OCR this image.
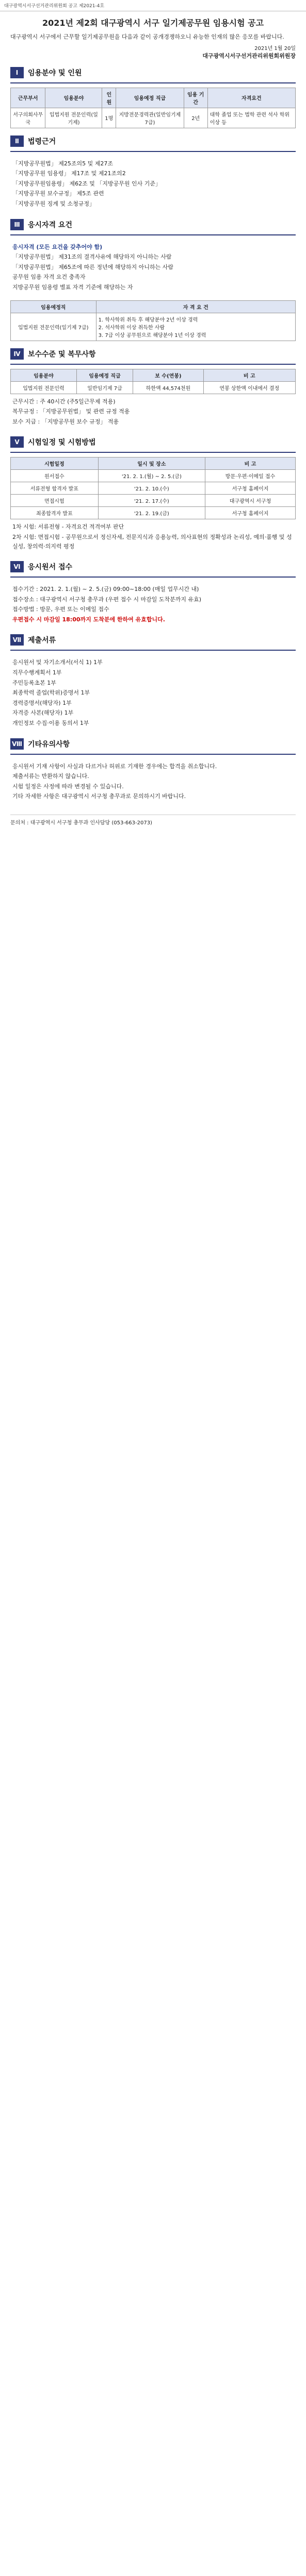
대구광역시서구선거관리위원회 공고 제2021-4호
2021년 제2회 대구광역시 서구 일기제공무원 임용시험 공고
대구광역시 서구에서 근무할 일기제공무원을 다음과 같이 공개경쟁하오니 유능한 인재의 많은 응모를 바랍니다.
2021년 1월 20일
대구광역시서구선거관리위원회위원장
Ⅰ	임용분야 및 인원
근무부서	임용분야	인원	임용예정 직급	임용 기간	자격요건
서구의회사무국	입법지원 전문인력(일기제)	1명	지방전문경력관(일반임기제 7급)	2년	대학 졸업 또는 법학 관련 석사 학위 이상 등
Ⅱ	법령근거

「지방공무원법」 제25조의5 및 제27조

「지방공무원 임용령」 제17조 및 제21조의2

「지방공무원임용령」 제62조 및 「지방공무원 인사 기준」

「지방공무원 보수규정」 제5조 관련

「지방공무원 징계 및 소청규정」

Ⅲ	응시자격 요건

응시자격 (모든 요건을 갖추어야 함)

「지방공무원법」 제31조의 결격사유에 해당하지 아니하는 사람

「지방공무원법」 제65조에 따른 정년에 해당하지 아니하는 사람

공무원 임용 자격 요건 충족자

지방공무원 임용령 별표 자격 기준에 해당하는 자

임용예정직	자 격 요 건
입법지원 전문인력(일기제 7급)	1. 학사학위 취득 후 해당분야 2년 이상 경력
2. 석사학위 이상 취득한 사람
3. 7급 이상 공무원으로 해당분야 1년 이상 경력
Ⅳ	보수수준 및 복무사항
임용분야	임용예정 직급	보 수(연봉)	비 고
입법지원 전문인력	일반임기제 7급	하한액 44,574천원	연봉 상한액 이내에서 결정

근무시간 : 주 40시간 (주5일근무제 적용)

복무규정 : 「지방공무원법」 및 관련 규정 적용

보수 지급 : 「지방공무원 보수 규정」 적용

Ⅴ	시험일정 및 시험방법
시험일정	일시 및 장소	비 고
원서접수	'21. 2. 1.(월) ~ 2. 5.(금)	방문·우편·이메일 접수
서류전형 합격자 발표	'21. 2. 10.(수)	서구청 홈페이지
면접시험	'21. 2. 17.(수)	대구광역시 서구청
최종합격자 발표	'21. 2. 19.(금)	서구청 홈페이지

1차 시험: 서류전형 - 자격요건 적격여부 판단

2차 시험: 면접시험 - 공무원으로서 정신자세, 전문지식과 응용능력, 의사표현의 정확성과 논리성, 예의·품행 및 성실성, 창의력·의지력 평정

Ⅵ	응시원서 접수

접수기간 : 2021. 2. 1.(월) ~ 2. 5.(금) 09:00~18:00 (매일 업무시간 내)

접수장소 : 대구광역시 서구청 총무과 (우편 접수 시 마감일 도착분까지 유효)

접수방법 : 방문, 우편 또는 이메일 접수

우편접수 시 마감일 18:00까지 도착분에 한하여 유효합니다.

Ⅶ 제출서류

응시원서 및 자기소개서(서식 1) 1부

직무수행계획서 1부

주민등록초본 1부

최종학력 졸업(학위)증명서 1부

경력증명서(해당자) 1부

자격증 사본(해당자) 1부

개인정보 수집·이용 동의서 1부

Ⅷ 기타유의사항

응시원서 기재 사항이 사실과 다르거나 허위로 기재한 경우에는 합격을 취소합니다.

제출서류는 반환하지 않습니다.

시험 일정은 사정에 따라 변경될 수 있습니다.

기타 자세한 사항은 대구광역시 서구청 총무과로 문의하시기 바랍니다.

문의처 : 대구광역시 서구청 총무과 인사담당 (053-663-2073)
